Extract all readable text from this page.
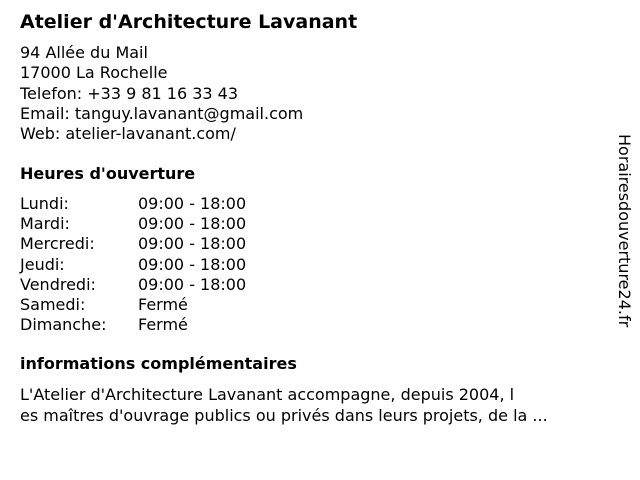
Atelier d'Architecture Lavanant
94 Allée du Mail
17000 La Rochelle
Telefon: +33 9 81 16 33 43
Email: tanguy.lavanant@gmail.com
Web: atelier-lavanant.com/
Heures d'ouverture
Lundi:	09:00 - 18:00
Mardi:	09:00 - 18:00
Mercredi:	09:00 - 18:00
Jeudi:	09:00 - 18:00
Vendredi:	09:00 - 18:00
Samedi:	Fermé
Dimanche: Fermé
informations complémentaires
L'Atelier d'Architecture Lavanant accompagne, depuis 2004, l
es maîtres d'ouvrage publics ou privés dans leurs projets, de la ...
Horairesdouverture24.fr
